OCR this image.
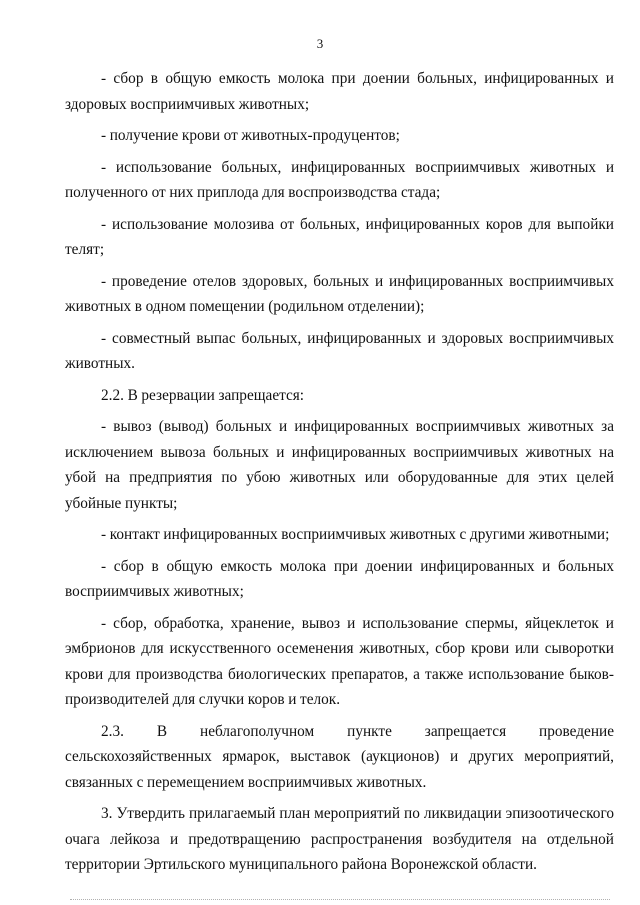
3

- сбор в общую емкость молока при доении больных, инфицированных и здоровых восприимчивых животных;

- получение крови от животных-продуцентов;

- использование больных, инфицированных восприимчивых животных и полученного от них приплода для воспроизводства стада;

- использование молозива от больных, инфицированных коров для выпойки телят;

- проведение отелов здоровых, больных и инфицированных восприимчивых животных в одном помещении (родильном отделении);

- совместный выпас больных, инфицированных и здоровых восприимчивых животных.

2.2. В резервации запрещается:

- вывоз (вывод) больных и инфицированных восприимчивых животных за исключением вывоза больных и инфицированных восприимчивых животных на убой на предприятия по убою животных или оборудованные для этих целей убойные пункты;

- контакт инфицированных восприимчивых животных с другими животными;

- сбор в общую емкость молока при доении инфицированных и больных восприимчивых животных;

- сбор, обработка, хранение, вывоз и использование спермы, яйцеклеток и эмбрионов для искусственного осеменения животных, сбор крови или сыворотки крови для производства биологических препаратов, а также использование быков-производителей для случки коров и телок.

2.3. В неблагополучном пункте запрещается проведение сельскохозяйственных ярмарок, выставок (аукционов) и других мероприятий, связанных с перемещением восприимчивых животных.

3. Утвердить прилагаемый план мероприятий по ликвидации эпизоотического очага лейкоза и предотвращению распространения возбудителя на отдельной территории Эртильского муниципального района Воронежской области.
